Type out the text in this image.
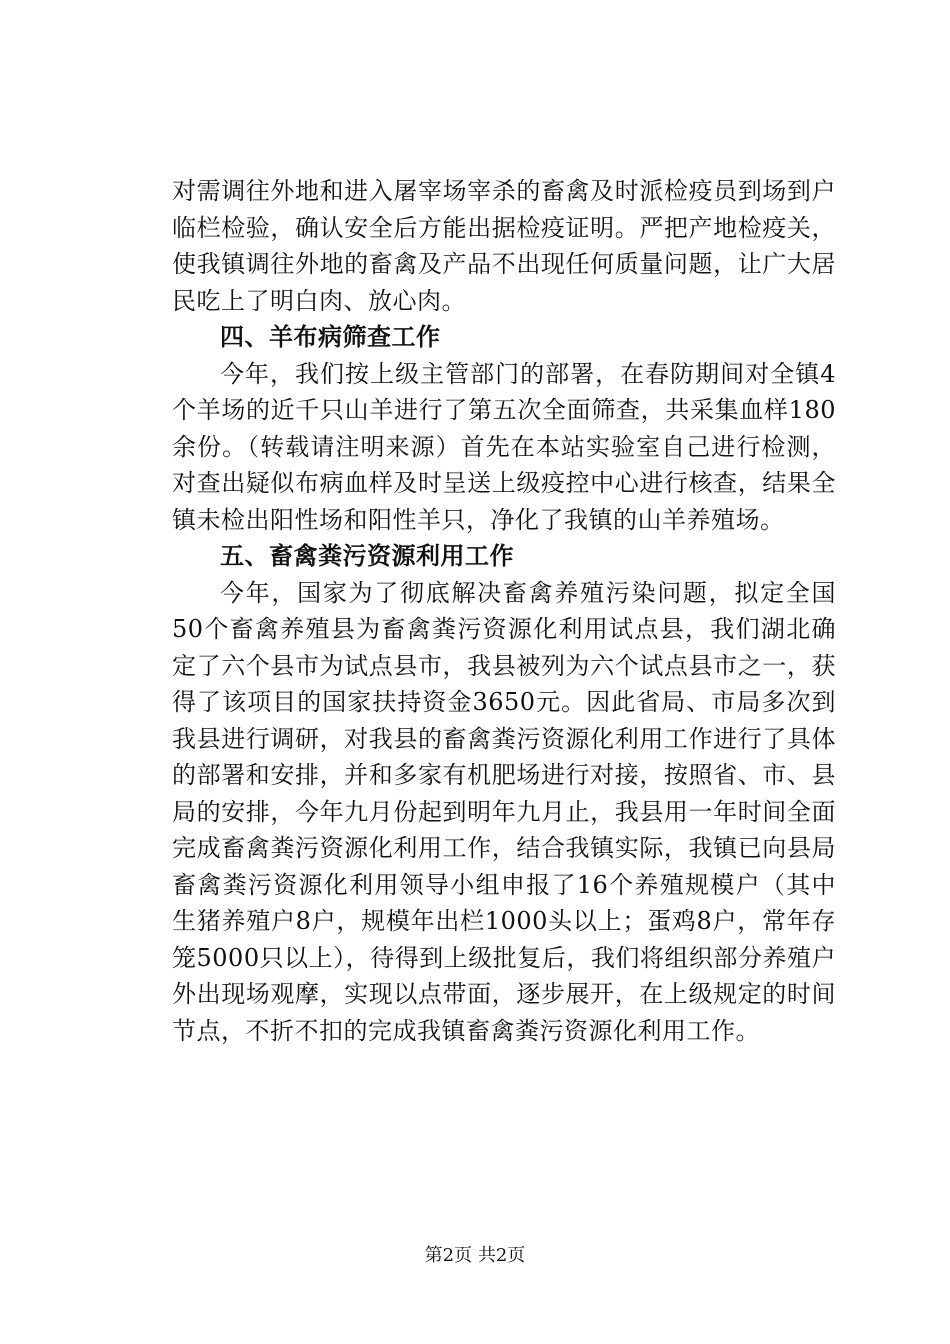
对需调往外地和进入屠宰场宰杀的畜禽及时派检疫员到场到户临栏检验，确认安全后方能出据检疫证明。严把产地检疫关，使我镇调往外地的畜禽及产品不出现任何质量问题，让广大居民吃上了明白肉、放心肉。

四、羊布病筛查工作

今年，我们按上级主管部门的部署，在春防期间对全镇4个羊场的近千只山羊进行了第五次全面筛查，共采集血样180余份。（转载请注明来源）首先在本站实验室自己进行检测，对查出疑似布病血样及时呈送上级疫控中心进行核查，结果全镇未检出阳性场和阳性羊只，净化了我镇的山羊养殖场。

五、畜禽粪污资源利用工作

今年，国家为了彻底解决畜禽养殖污染问题，拟定全国50个畜禽养殖县为畜禽粪污资源化利用试点县，我们湖北确定了六个县市为试点县市，我县被列为六个试点县市之一，获得了该项目的国家扶持资金3650元。因此省局、市局多次到我县进行调研，对我县的畜禽粪污资源化利用工作进行了具体的部署和安排，并和多家有机肥场进行对接，按照省、市、县局的安排，今年九月份起到明年九月止，我县用一年时间全面完成畜禽粪污资源化利用工作，结合我镇实际，我镇已向县局畜禽粪污资源化利用领导小组申报了16个养殖规模户（其中生猪养殖户8户，规模年出栏1000头以上；蛋鸡8户，常年存笼5000只以上），待得到上级批复后，我们将组织部分养殖户外出现场观摩，实现以点带面，逐步展开，在上级规定的时间节点，不折不扣的完成我镇畜禽粪污资源化利用工作。

第2页 共2页
